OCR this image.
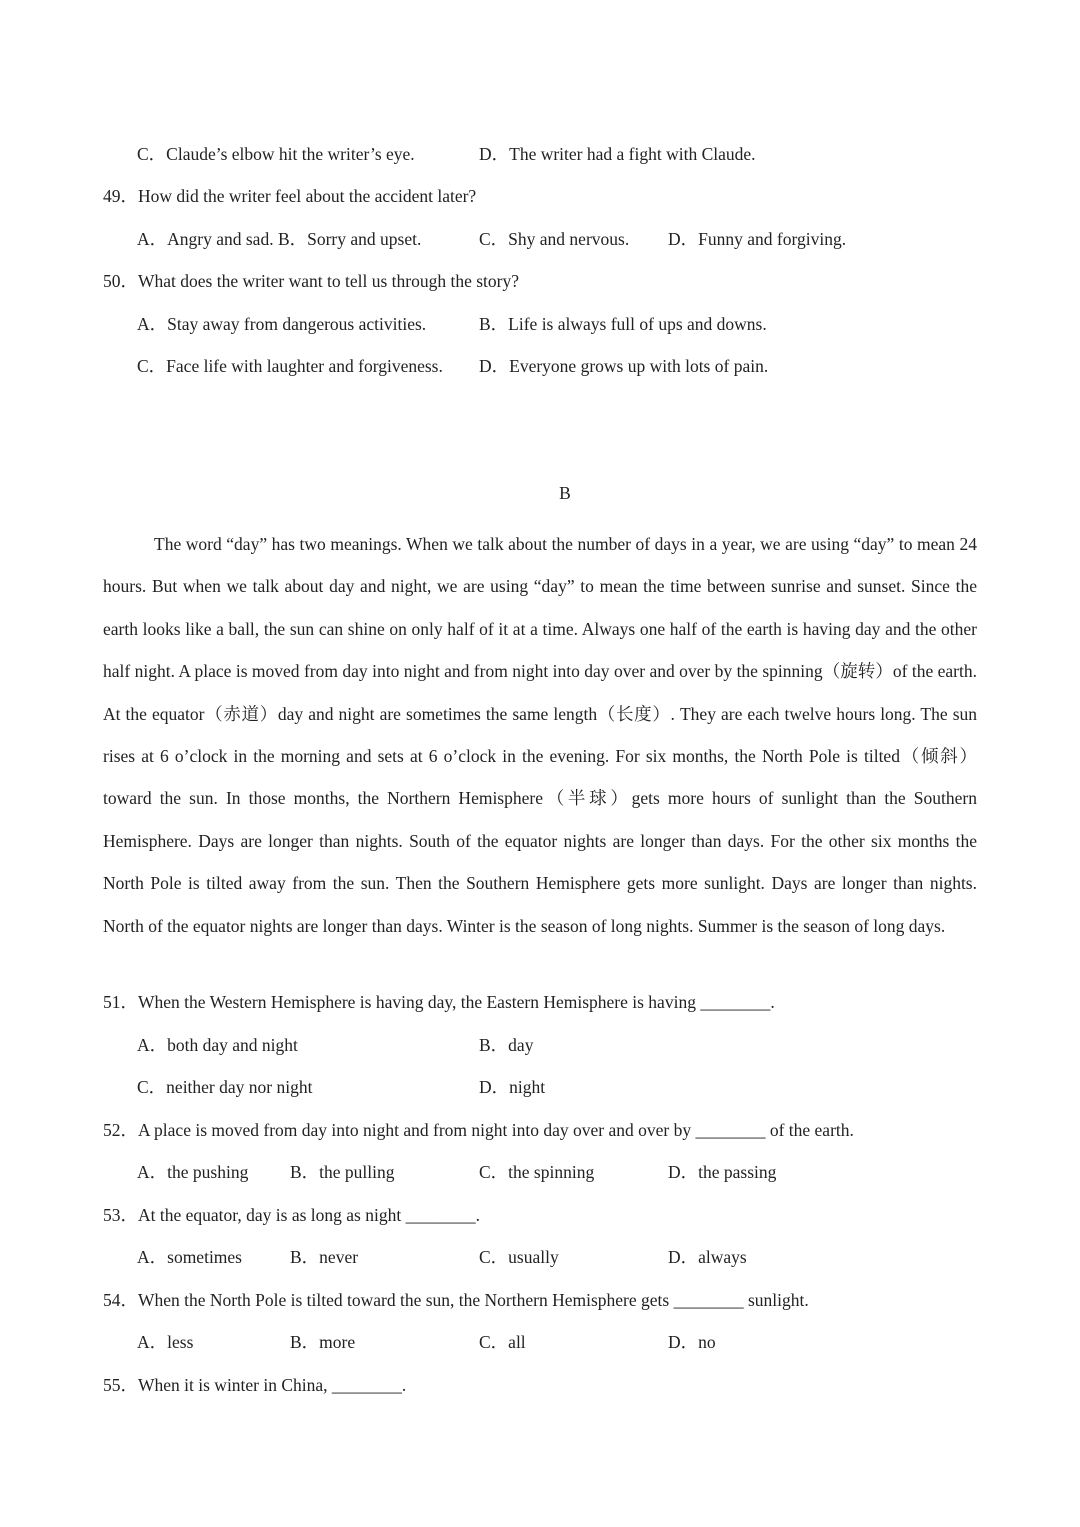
C．Claude’s elbow hit the writer’s eye.	D．The writer had a fight with Claude.
49．How did the writer feel about the accident later?
A．Angry and sad. B．Sorry and upset.	C．Shy and nervous. D．Funny and forgiving.
50．What does the writer want to tell us through the story?
A．Stay away from dangerous activities.	B．Life is always full of ups and downs.
C．Face life with laughter and forgiveness. D．Everyone grows up with lots of pain.
B

The word “day” has two meanings. When we talk about the number of days in a year, we are using “day” to mean 24 hours. But when we talk about day and night, we are using “day” to mean the time between sunrise and sunset. Since the earth looks like a ball, the sun can shine on only half of it at a time. Always one half of the earth is having day and the other half night. A place is moved from day into night and from night into day over and over by the spinning（旋转）of the earth. At the equator（赤道）day and night are sometimes the same length（长度）. They are each twelve hours long. The sun rises at 6 o’clock in the morning and sets at 6 o’clock in the evening. For six months, the North Pole is tilted（倾斜）toward the sun. In those months, the Northern Hemisphere（半球）gets more hours of sunlight than the Southern Hemisphere. Days are longer than nights. South of the equator nights are longer than days. For the other six months the North Pole is tilted away from the sun. Then the Southern Hemisphere gets more sunlight. Days are longer than nights. North of the equator nights are longer than days. Winter is the season of long nights. Summer is the season of long days.

51．When the Western Hemisphere is having day, the Eastern Hemisphere is having ________.
A．both day and night	B．day
C．neither day nor night	D．night
52．A place is moved from day into night and from night into day over and over by ________ of the earth.
A．the pushing B．the pulling	C．the spinning	D．the passing
53．At the equator, day is as long as night ________.
A．sometimes	B．never	C．usually	D．always
54．When the North Pole is tilted toward the sun, the Northern Hemisphere gets ________ sunlight.
A．less	B．more	C．all	D．no
55．When it is winter in China, ________.
